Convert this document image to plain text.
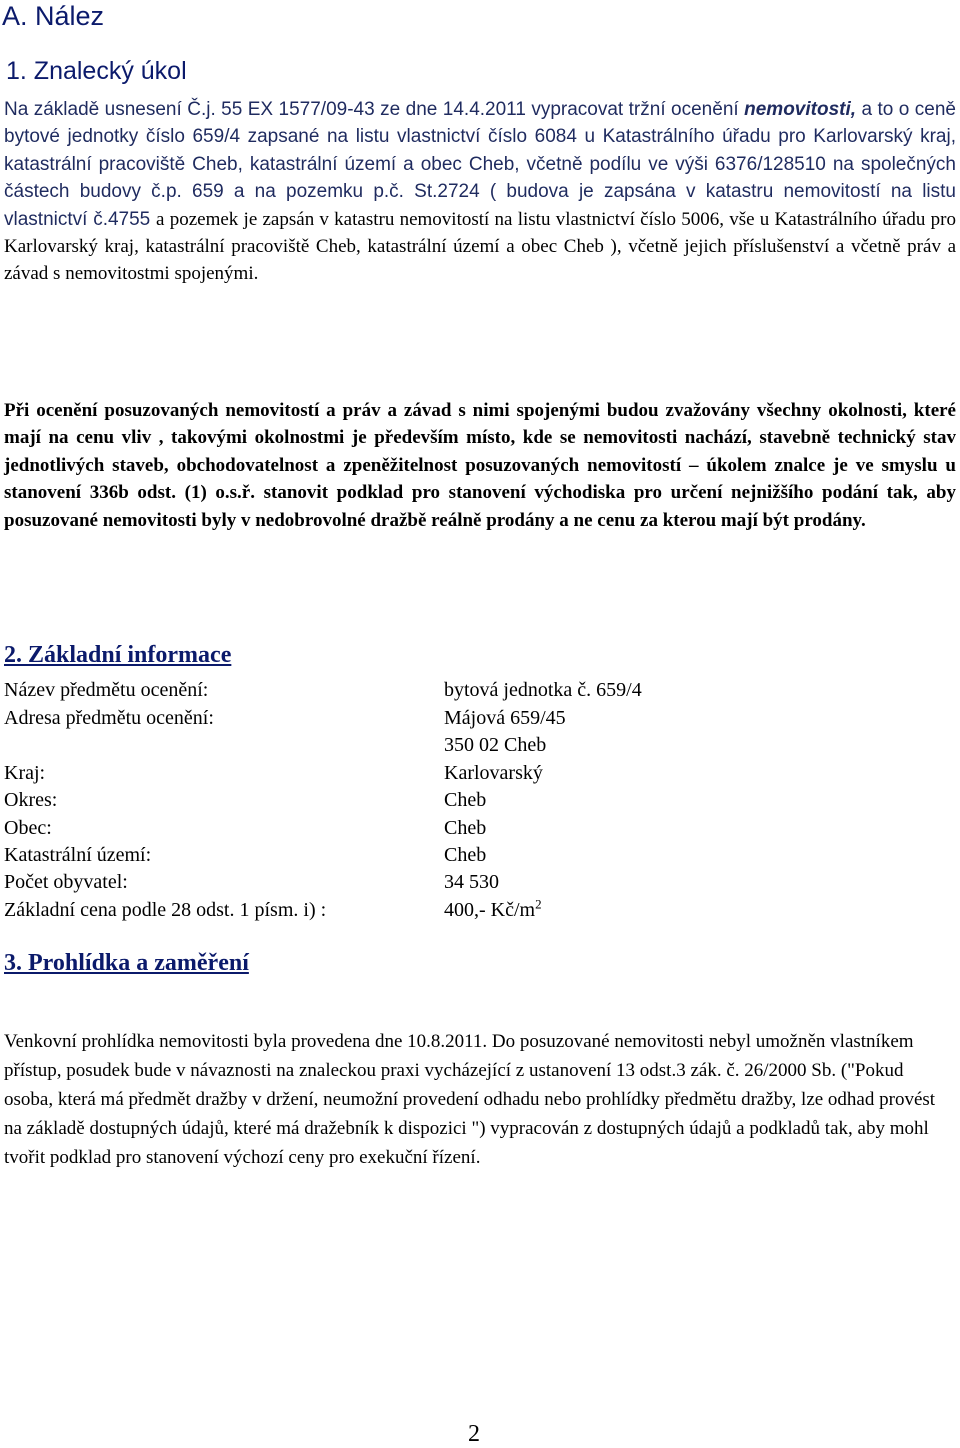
A. Nález
1. Znalecký úkol

Na základě usnesení Č.j. 55 EX 1577/09-43 ze dne 14.4.2011 vypracovat tržní ocenění nemovitosti, a to o ceně bytové jednotky číslo 659/4 zapsané na listu vlastnictví číslo 6084 u Katastrálního úřadu pro Karlovarský kraj, katastrální pracoviště Cheb, katastrální území a obec Cheb, včetně podílu ve výši 6376/128510 na společných částech budovy č.p. 659 a na pozemku p.č. St.2724 ( budova je zapsána v katastru nemovitostí na listu vlastnictví č.4755 a pozemek je zapsán v katastru nemovitostí na listu vlastnictví číslo 5006, vše u Katastrálního úřadu pro Karlovarský kraj, katastrální pracoviště Cheb, katastrální území a obec Cheb ), včetně jejich příslušenství a včetně práv a závad s nemovitostmi spojenými.

Při ocenění posuzovaných nemovitostí a práv a závad s nimi spojenými budou zvažovány všechny okolnosti, které mají na cenu vliv , takovými okolnostmi je především místo, kde se nemovitosti nachází, stavebně technický stav jednotlivých staveb, obchodovatelnost a zpeněžitelnost posuzovaných nemovitostí – úkolem znalce je ve smyslu u stanovení 336b odst. (1) o.s.ř. stanovit podklad pro stanovení východiska pro určení nejnižšího podání tak, aby posuzované nemovitosti byly v nedobrovolné dražbě reálně prodány a ne cenu za kterou mají být prodány.

2. Základní informace
Název předmětu ocenění:	bytová jednotka č. 659/4
Adresa předmětu ocenění:	Májová 659/45
350 02 Cheb
Kraj:	Karlovarský
Okres:	Cheb
Obec:	Cheb
Katastrální území:	Cheb
Počet obyvatel:	34 530
Základní cena podle 28 odst. 1 písm. i) :	400,- $Kč/m^2$
3. Prohlídka a zaměření

Venkovní prohlídka nemovitosti byla provedena dne 10.8.2011. Do posuzované nemovitosti nebyl umožněn vlastníkem přístup, posudek bude v návaznosti na znaleckou praxi vycházející z ustanovení 13 odst.3 zák. č. 26/2000 Sb. ("Pokud osoba, která má předmět dražby v držení, neumožní provedení odhadu nebo prohlídky předmětu dražby, lze odhad provést na základě dostupných údajů, které má dražebník k dispozici ") vypracován z dostupných údajů a podkladů tak, aby mohl tvořit podklad pro stanovení výchozí ceny pro exekuční řízení.

2
